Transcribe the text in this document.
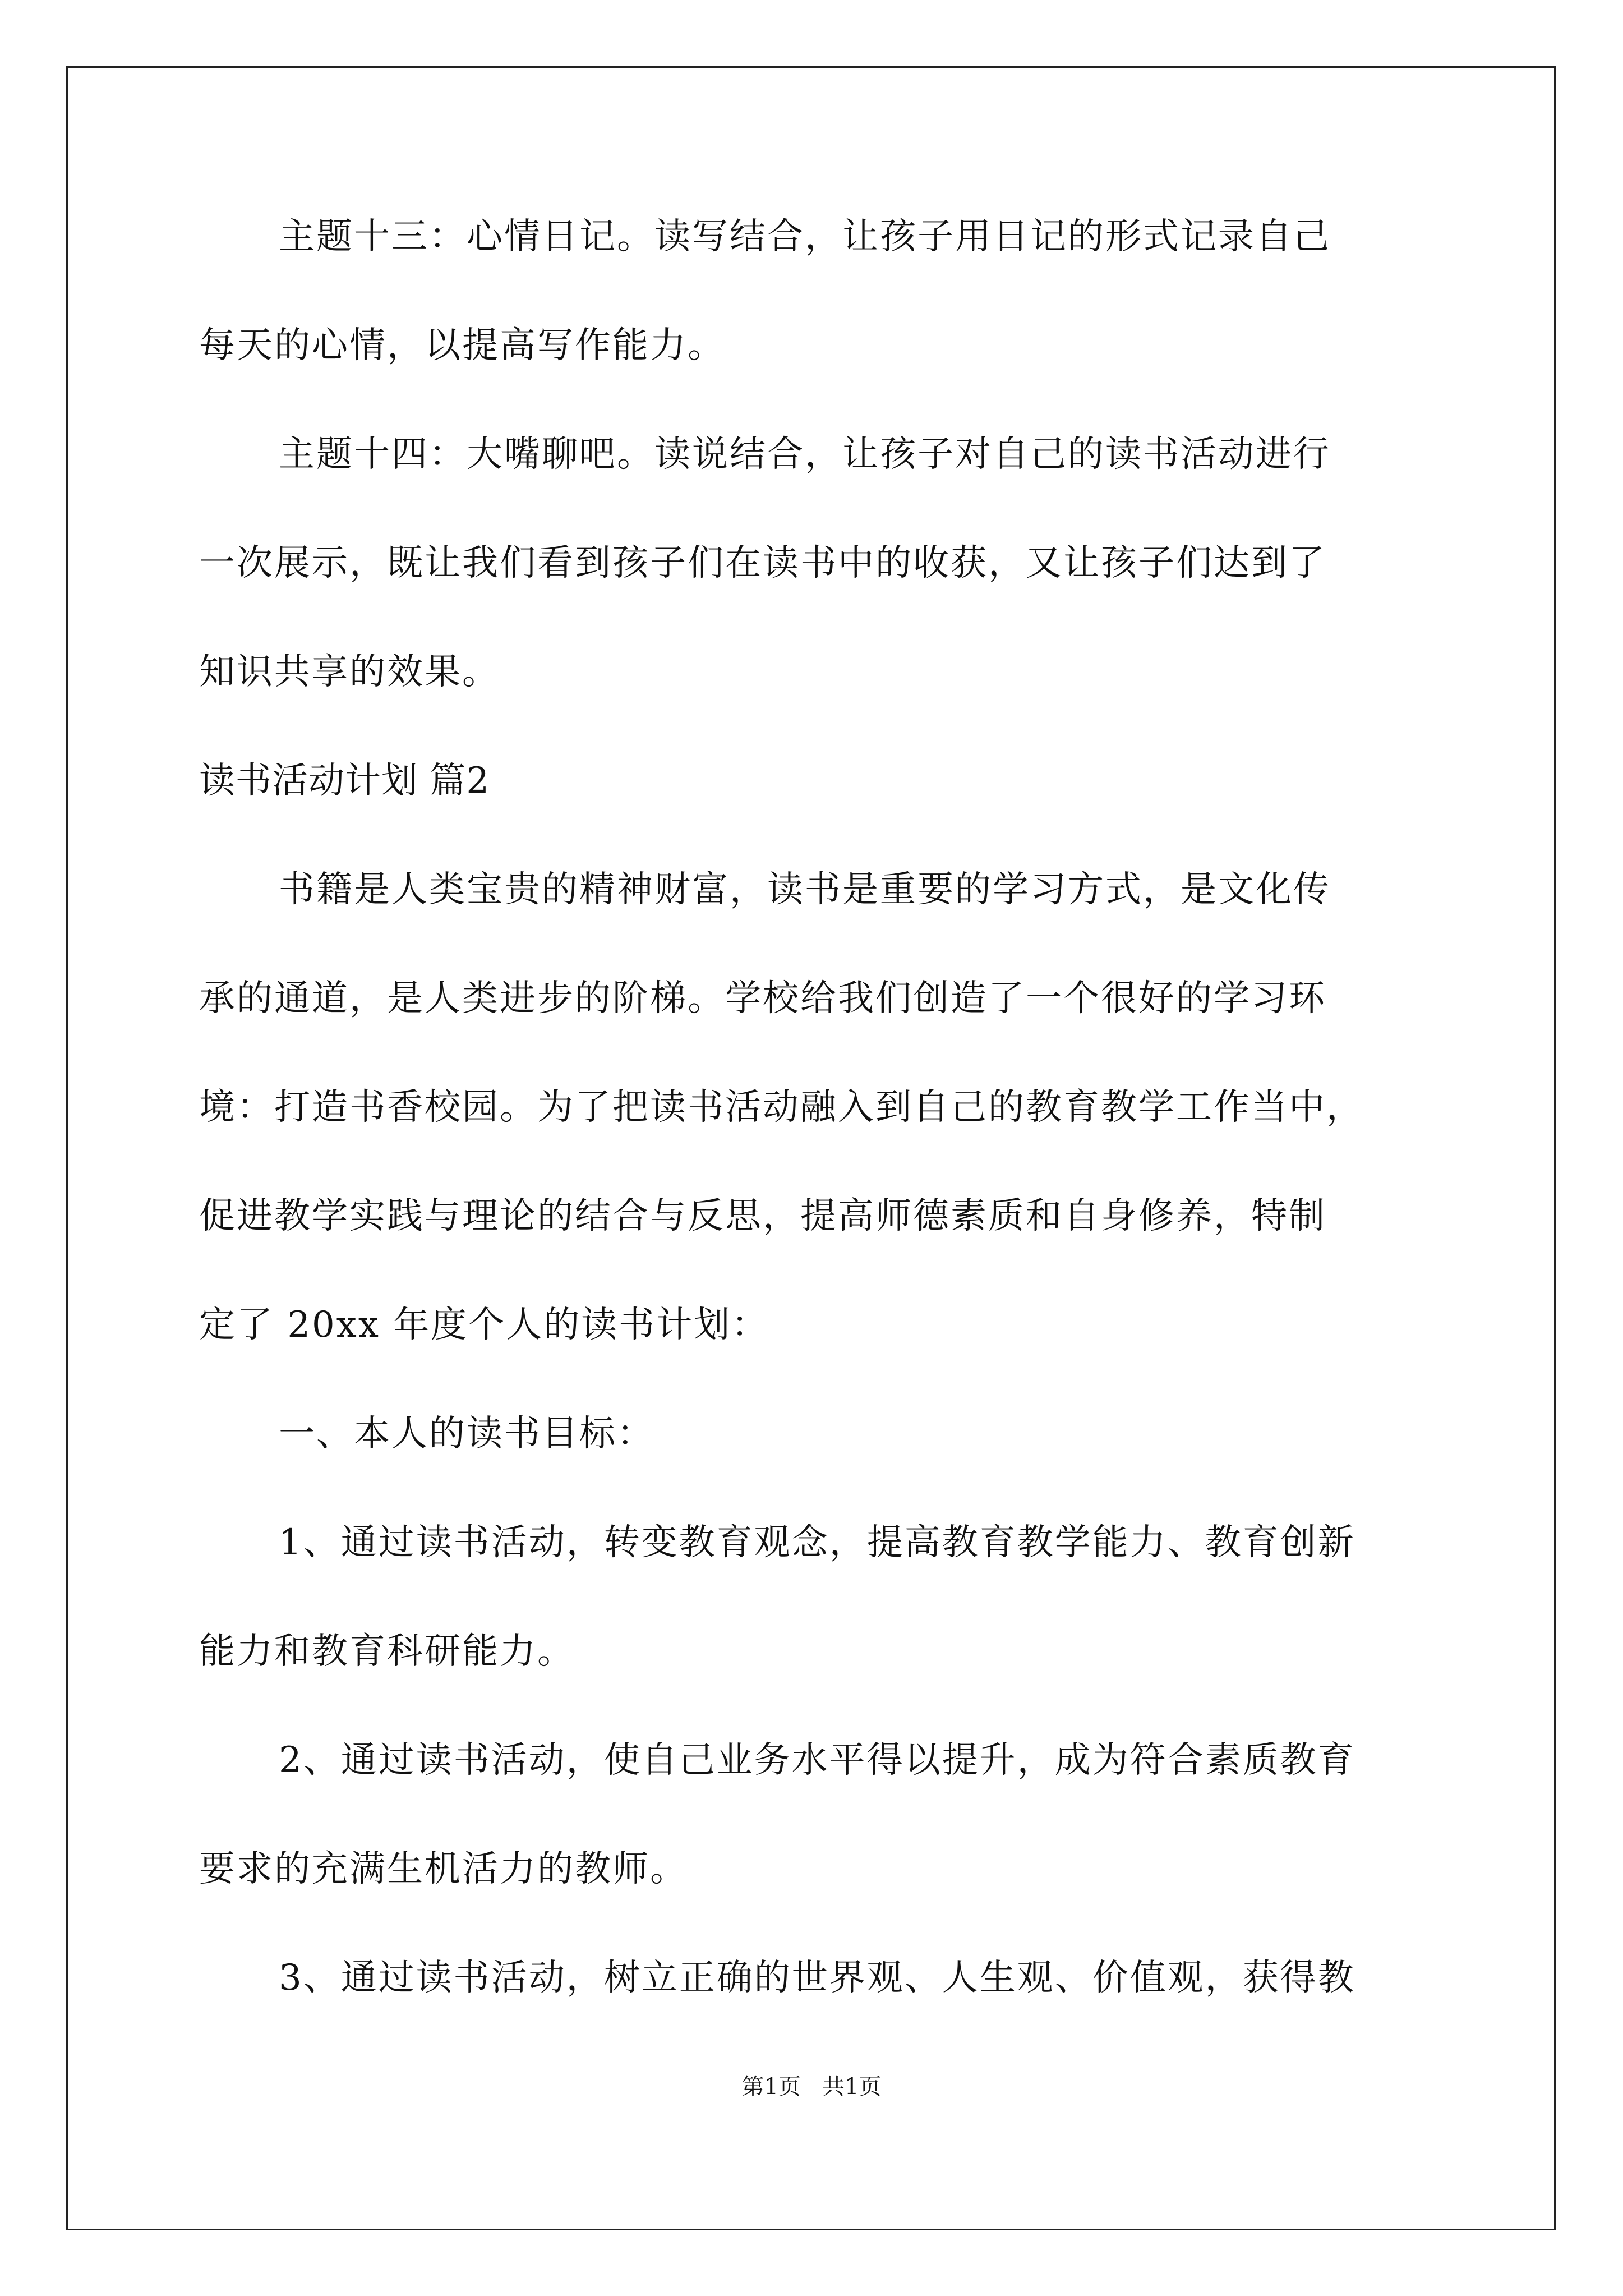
主题十三：心情日记。读写结合，让孩子用日记的形式记录自己
每天的心情，以提高写作能力。
主题十四：大嘴聊吧。读说结合，让孩子对自己的读书活动进行
一次展示，既让我们看到孩子们在读书中的收获，又让孩子们达到了
知识共享的效果。
读书活动计划 篇2
书籍是人类宝贵的精神财富，读书是重要的学习方式，是文化传
承的通道，是人类进步的阶梯。学校给我们创造了一个很好的学习环
境：打造书香校园。为了把读书活动融入到自己的教育教学工作当中，
促进教学实践与理论的结合与反思，提高师德素质和自身修养，特制
定了 20xx 年度个人的读书计划：
一、本人的读书目标：
1、通过读书活动，转变教育观念，提高教育教学能力、教育创新
能力和教育科研能力。
2、通过读书活动，使自己业务水平得以提升，成为符合素质教育
要求的充满生机活力的教师。
3、通过读书活动，树立正确的世界观、人生观、价值观，获得教
第1页   共1页
